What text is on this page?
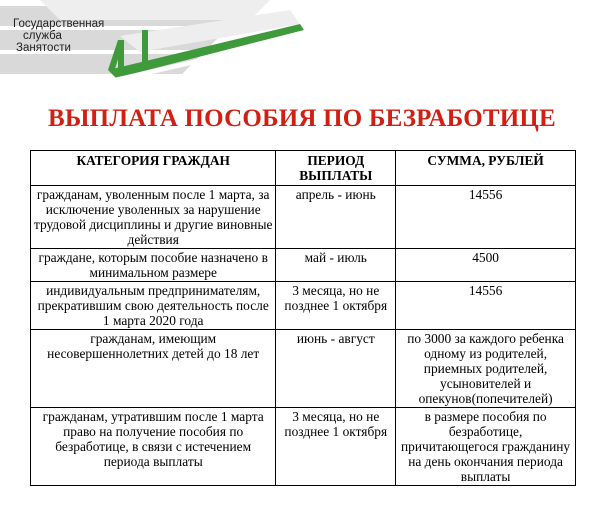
Государственная
служба
Занятости
ВЫПЛАТА ПОСОБИЯ ПО БЕЗРАБОТИЦЕ
КАТЕГОРИЯ ГРАЖДАН	ПЕРИОД ВЫПЛАТЫ	СУММА, РУБЛЕЙ
гражданам, уволенным после 1 марта, за исключение уволенных за нарушение трудовой дисциплины и другие виновные действия	апрель - июнь	14556
граждане, которым пособие назначено в минимальном размере	май - июль	4500
индивидуальным предпринимателям, прекратившим свою деятельность после 1 марта 2020 года	3 месяца, но не позднее 1 октября	14556
гражданам, имеющим несовершеннолетних детей до 18 лет	июнь - август	по 3000 за каждого ребенка одному из родителей, приемных родителей, усыновителей и опекунов(попечителей)
гражданам, утратившим после 1 марта право на получение пособия по безработице, в связи с истечением периода выплаты	3 месяца, но не позднее 1 октября	в размере пособия по безработице, причитающегося гражданину на день окончания периода выплаты
